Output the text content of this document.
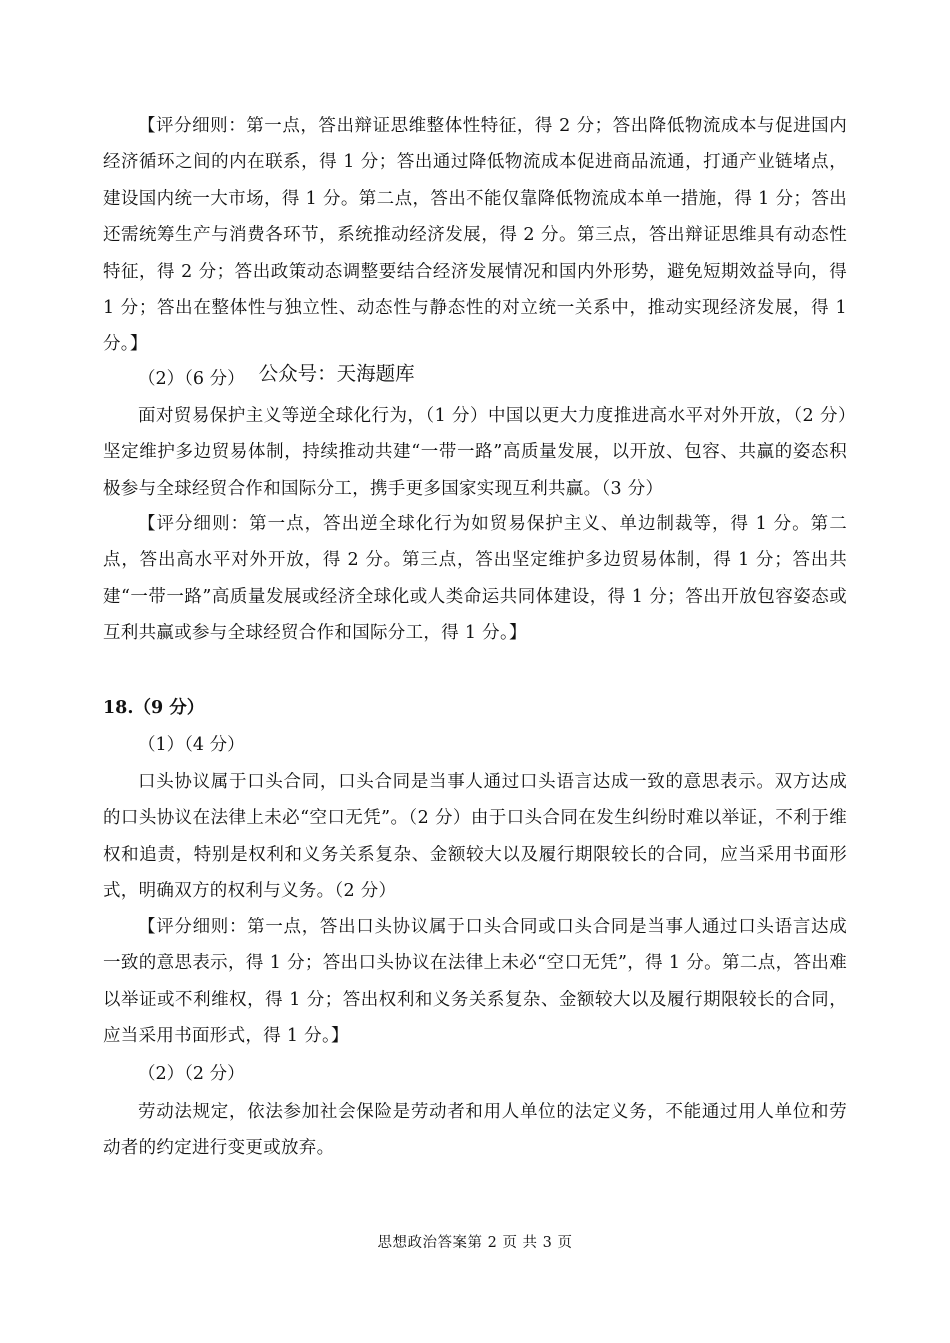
【评分细则：第一点，答出辩证思维整体性特征，得 2 分；答出降低物流成本与促进国内经济循环之间的内在联系，得 1 分；答出通过降低物流成本促进商品流通，打通产业链堵点，建设国内统一大市场，得 1 分。第二点，答出不能仅靠降低物流成本单一措施，得 1 分；答出还需统筹生产与消费各环节，系统推动经济发展，得 2 分。第三点，答出辩证思维具有动态性特征，得 2 分；答出政策动态调整要结合经济发展情况和国内外形势，避免短期效益导向，得 1 分；答出在整体性与独立性、动态性与静态性的对立统一关系中，推动实现经济发展，得 1 分。】

（2）（6 分） 公众号：天海题库

面对贸易保护主义等逆全球化行为，（1 分）中国以更大力度推进高水平对外开放，（2 分）坚定维护多边贸易体制，持续推动共建“一带一路”高质量发展，以开放、包容、共赢的姿态积极参与全球经贸合作和国际分工，携手更多国家实现互利共赢。（3 分）

【评分细则：第一点，答出逆全球化行为如贸易保护主义、单边制裁等，得 1 分。第二点，答出高水平对外开放，得 2 分。第三点，答出坚定维护多边贸易体制，得 1 分；答出共建“一带一路”高质量发展或经济全球化或人类命运共同体建设，得 1 分；答出开放包容姿态或互利共赢或参与全球经贸合作和国际分工，得 1 分。】

18.（9 分）

（1）（4 分）

口头协议属于口头合同，口头合同是当事人通过口头语言达成一致的意思表示。双方达成的口头协议在法律上未必“空口无凭”。（2 分）由于口头合同在发生纠纷时难以举证，不利于维权和追责，特别是权利和义务关系复杂、金额较大以及履行期限较长的合同，应当采用书面形式，明确双方的权利与义务。（2 分）

【评分细则：第一点，答出口头协议属于口头合同或口头合同是当事人通过口头语言达成一致的意思表示，得 1 分；答出口头协议在法律上未必“空口无凭”，得 1 分。第二点，答出难以举证或不利维权，得 1 分；答出权利和义务关系复杂、金额较大以及履行期限较长的合同，应当采用书面形式，得 1 分。】

（2）（2 分）

劳动法规定，依法参加社会保险是劳动者和用人单位的法定义务，不能通过用人单位和劳动者的约定进行变更或放弃。

思想政治答案第 2 页 共 3 页
